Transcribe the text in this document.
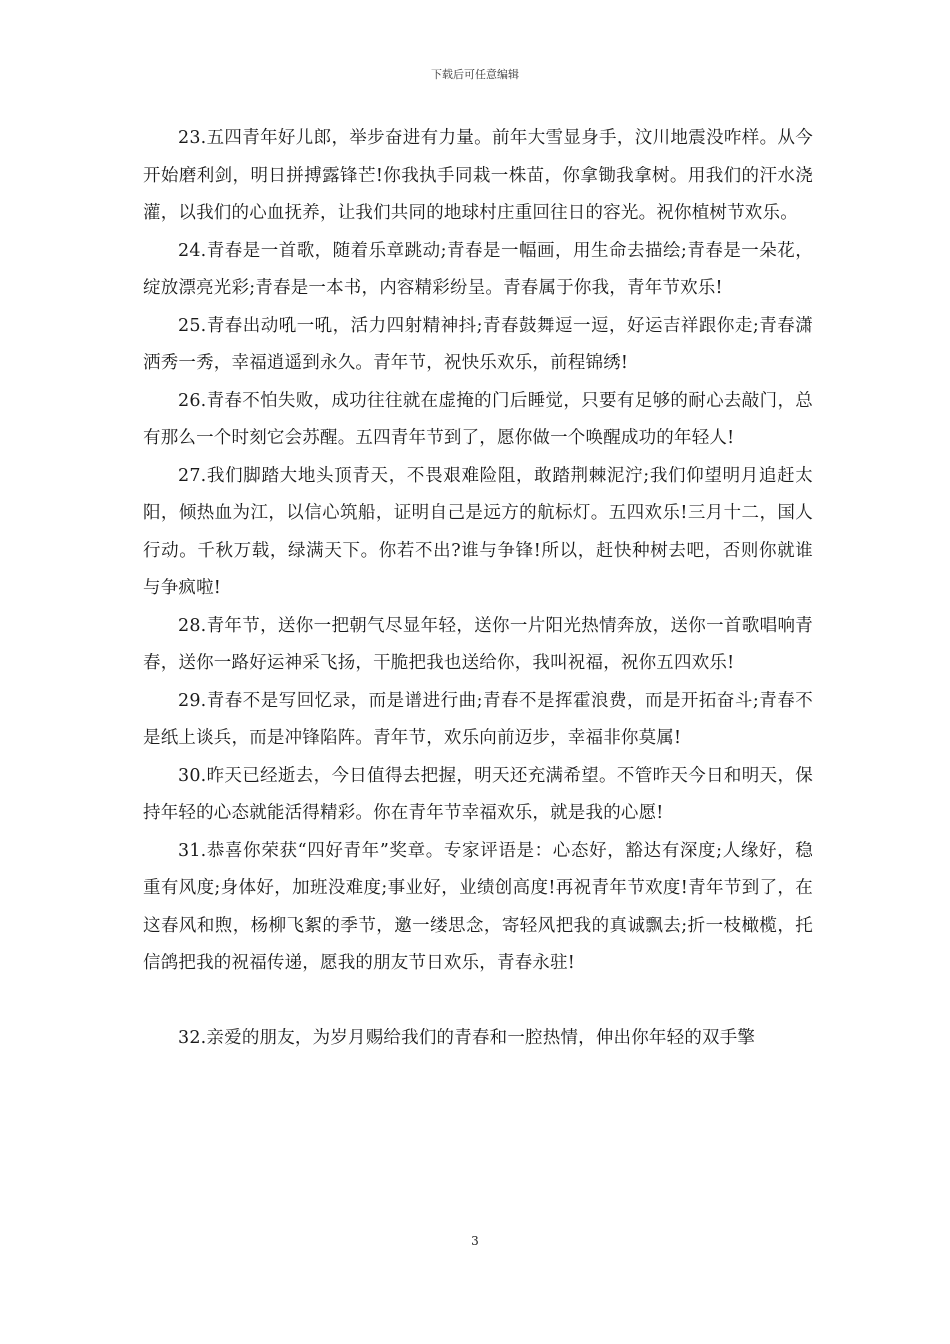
下载后可任意编辑

23.五四青年好儿郎，举步奋进有力量。前年大雪显身手，汶川地震没咋样。从今开始磨利剑，明日拼搏露锋芒!你我执手同栽一株苗，你拿锄我拿树。用我们的汗水浇灌，以我们的心血抚养，让我们共同的地球村庄重回往日的容光。祝你植树节欢乐。

24.青春是一首歌，随着乐章跳动;青春是一幅画，用生命去描绘;青春是一朵花，绽放漂亮光彩;青春是一本书，内容精彩纷呈。青春属于你我，青年节欢乐!

25.青春出动吼一吼，活力四射精神抖;青春鼓舞逗一逗，好运吉祥跟你走;青春潇洒秀一秀，幸福逍遥到永久。青年节，祝快乐欢乐，前程锦绣!

26.青春不怕失败，成功往往就在虚掩的门后睡觉，只要有足够的耐心去敲门，总有那么一个时刻它会苏醒。五四青年节到了，愿你做一个唤醒成功的年轻人!

27.我们脚踏大地头顶青天，不畏艰难险阻，敢踏荆棘泥泞;我们仰望明月追赶太阳，倾热血为江，以信心筑船，证明自己是远方的航标灯。五四欢乐!三月十二，国人行动。千秋万载，绿满天下。你若不出?谁与争锋!所以，赶快种树去吧，否则你就谁与争疯啦!

28.青年节，送你一把朝气尽显年轻，送你一片阳光热情奔放，送你一首歌唱响青春，送你一路好运神采飞扬，干脆把我也送给你，我叫祝福，祝你五四欢乐!

29.青春不是写回忆录，而是谱进行曲;青春不是挥霍浪费，而是开拓奋斗;青春不是纸上谈兵，而是冲锋陷阵。青年节，欢乐向前迈步，幸福非你莫属!

30.昨天已经逝去，今日值得去把握，明天还充满希望。不管昨天今日和明天，保持年轻的心态就能活得精彩。你在青年节幸福欢乐，就是我的心愿!

31.恭喜你荣获“四好青年”奖章。专家评语是：心态好，豁达有深度;人缘好，稳重有风度;身体好，加班没难度;事业好，业绩创高度!再祝青年节欢度!青年节到了，在这春风和煦，杨柳飞絮的季节，邀一缕思念，寄轻风把我的真诚飘去;折一枝橄榄，托信鸽把我的祝福传递，愿我的朋友节日欢乐，青春永驻!

32.亲爱的朋友，为岁月赐给我们的青春和一腔热情，伸出你年轻的双手擎

3
